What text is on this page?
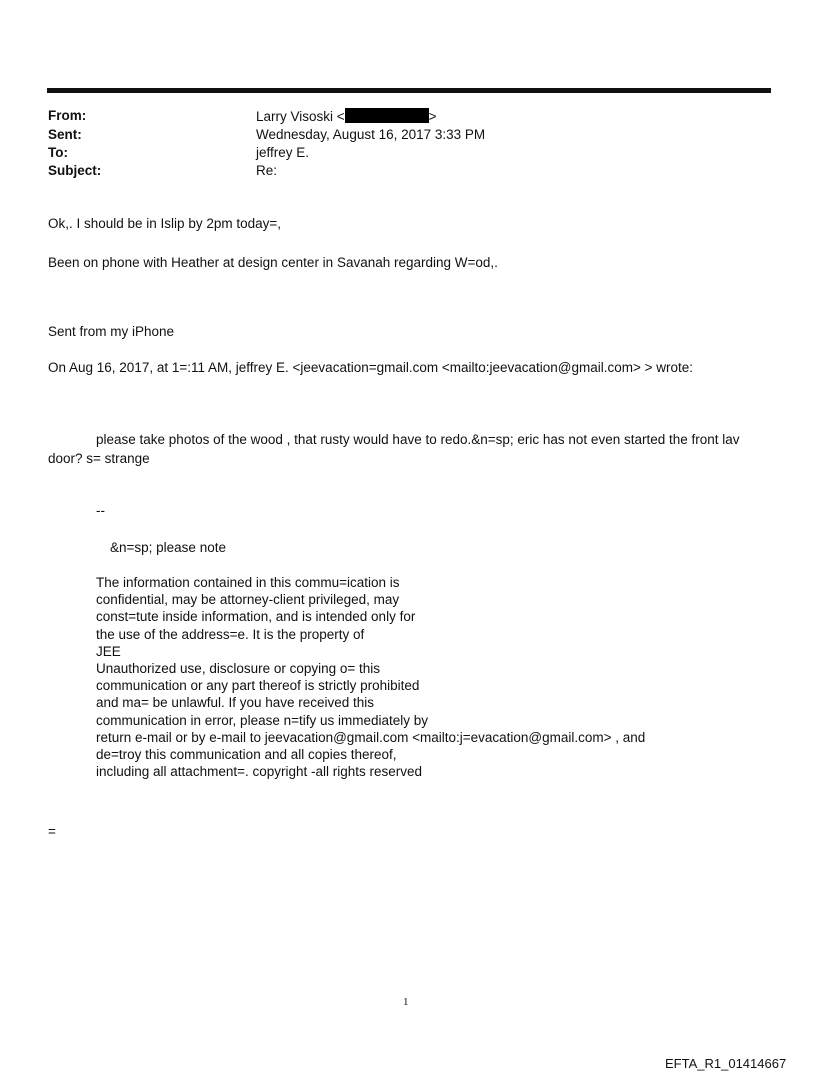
From:	Larry Visoski <	>
Sent:	Wednesday, August 16, 2017 3:33 PM
To:	jeffrey E.
Subject:	Re:
Ok,. I should be in Islip by 2pm today=,
Been on phone with Heather at design center in Savanah regarding W=od,.
Sent from my iPhone
On Aug 16, 2017, at 1=:11 AM, jeffrey E. <jeevacation=gmail.com <mailto:jeevacation@gmail.com> > wrote:
please take photos of the wood , that rusty would have to redo.&n=sp; eric has not even started the front lav
door? s= strange
--
&n=sp; please note
The information contained in this commu=ication is
confidential, may be attorney-client privileged, may
const=tute inside information, and is intended only for
the use of the address=e. It is the property of
JEE
Unauthorized use, disclosure or copying o= this
communication or any part thereof is strictly prohibited
and ma= be unlawful. If you have received this
communication in error, please n=tify us immediately by
return e-mail or by e-mail to jeevacation@gmail.com <mailto:j=evacation@gmail.com> , and
de=troy this communication and all copies thereof,
including all attachment=. copyright -all rights reserved
=
1
EFTA_R1_01414667
